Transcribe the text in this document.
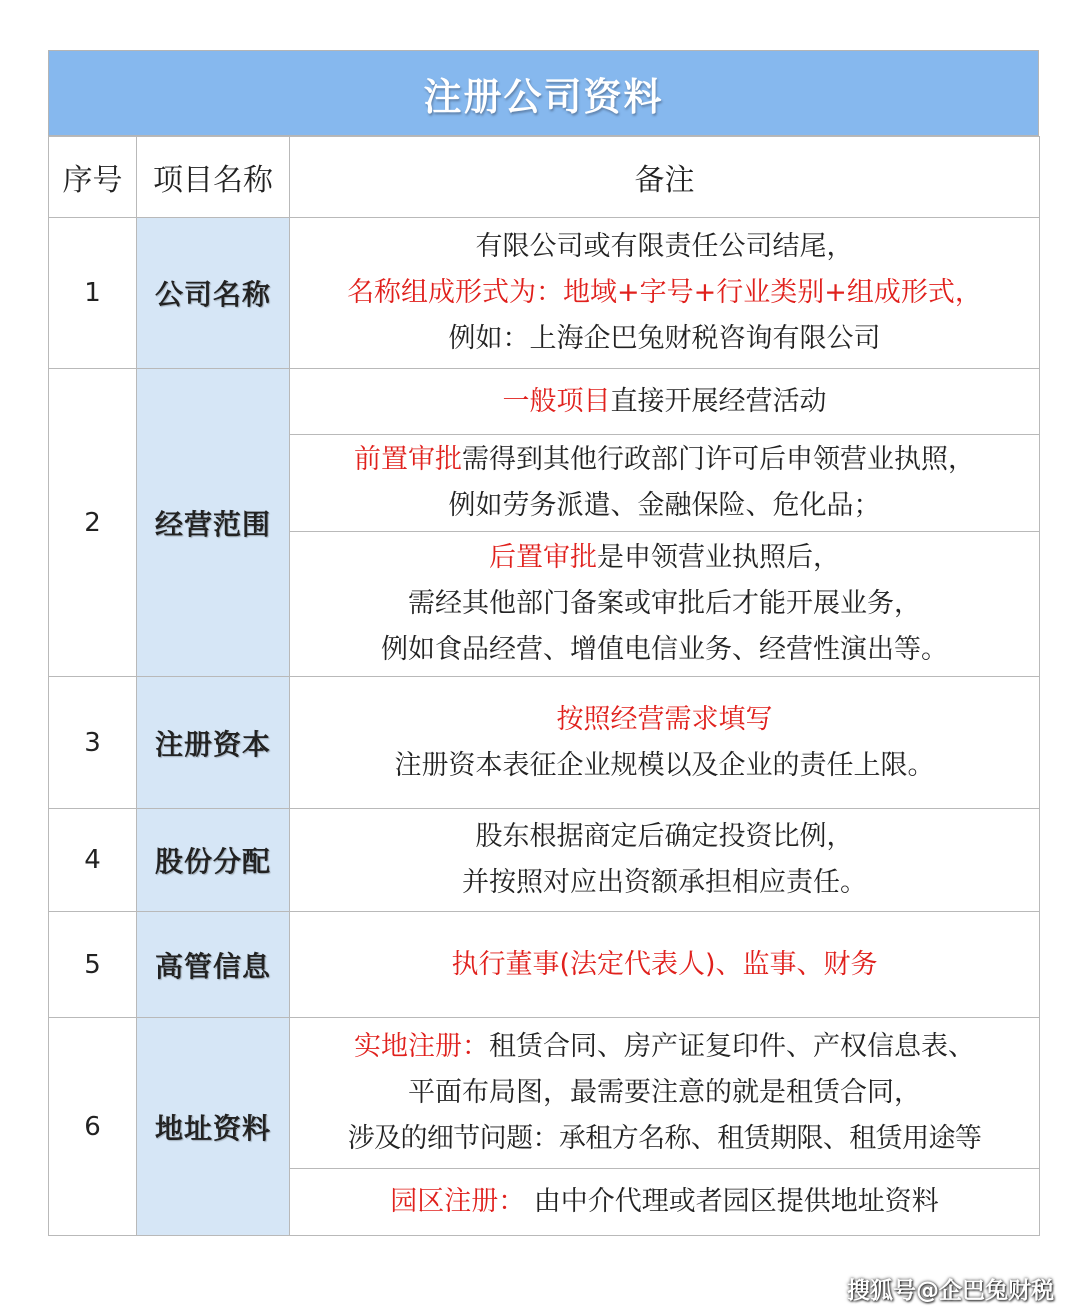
注册公司资料
序号	项目名称	备注
1	公司名称	有限公司或有限责任公司结尾，
名称组成形式为：地域+字号+行业类别+组成形式，
例如：上海企巴兔财税咨询有限公司

2	经营范围	一般项目直接开展经营活动

		前置审批需得到其他行政部门许可后申领营业执照，
例如劳务派遣、金融保险、危化品；

		后置审批是申领营业执照后，
需经其他部门备案或审批后才能开展业务，
例如食品经营、增值电信业务、经营性演出等。

3	注册资本	按照经营需求填写
注册资本表征企业规模以及企业的责任上限。

4	股份分配	股东根据商定后确定投资比例，
并按照对应出资额承担相应责任。

5	高管信息	执行董事(法定代表人)、监事、财务

6	地址资料	实地注册：租赁合同、房产证复印件、产权信息表、
平面布局图，最需要注意的就是租赁合同，
涉及的细节问题：承租方名称、租赁期限、租赁用途等

		园区注册： 由中介代理或者园区提供地址资料
搜狐号@企巴兔财税
